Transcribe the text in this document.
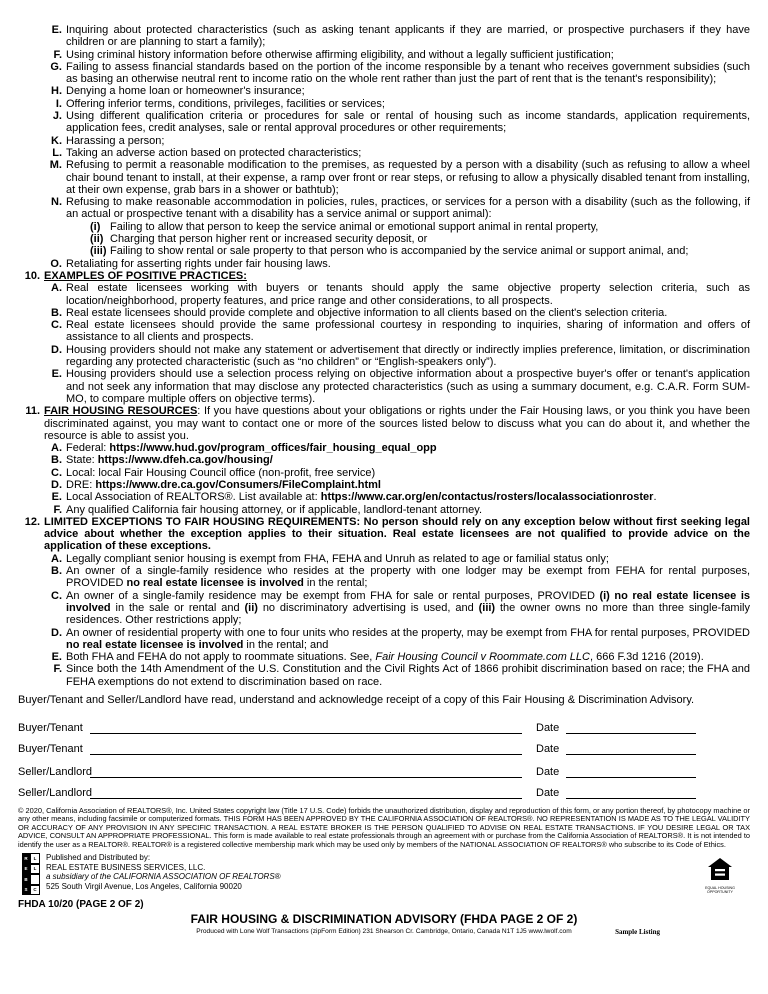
E. Inquiring about protected characteristics (such as asking tenant applicants if they are married, or prospective purchasers if they have children or are planning to start a family);
F. Using criminal history information before otherwise affirming eligibility, and without a legally sufficient justification;
G. Failing to assess financial standards based on the portion of the income responsible by a tenant who receives government subsidies (such as basing an otherwise neutral rent to income ratio on the whole rent rather than just the part of rent that is the tenant's responsibility);
H. Denying a home loan or homeowner's insurance;
I. Offering inferior terms, conditions, privileges, facilities or services;
J. Using different qualification criteria or procedures for sale or rental of housing such as income standards, application requirements, application fees, credit analyses, sale or rental approval procedures or other requirements;
K. Harassing a person;
L. Taking an adverse action based on protected characteristics;
M. Refusing to permit a reasonable modification to the premises, as requested by a person with a disability (such as refusing to allow a wheel chair bound tenant to install, at their expense, a ramp over front or rear steps, or refusing to allow a physically disabled tenant from installing, at their own expense, grab bars in a shower or bathtub);
N. Refusing to make reasonable accommodation in policies, rules, practices, or services for a person with a disability (such as the following, if an actual or prospective tenant with a disability has a service animal or support animal):
(i) Failing to allow that person to keep the service animal or emotional support animal in rental property,
(ii) Charging that person higher rent or increased security deposit, or
(iii) Failing to show rental or sale property to that person who is accompanied by the service animal or support animal, and;
O. Retaliating for asserting rights under fair housing laws.
10. EXAMPLES OF POSITIVE PRACTICES:
A. Real estate licensees working with buyers or tenants should apply the same objective property selection criteria, such as location/neighborhood, property features, and price range and other considerations, to all prospects.
B. Real estate licensees should provide complete and objective information to all clients based on the client's selection criteria.
C. Real estate licensees should provide the same professional courtesy in responding to inquiries, sharing of information and offers of assistance to all clients and prospects.
D. Housing providers should not make any statement or advertisement that directly or indirectly implies preference, limitation, or discrimination regarding any protected characteristic (such as “no children” or “English-speakers only”).
E. Housing providers should use a selection process relying on objective information about a prospective buyer's offer or tenant's application and not seek any information that may disclose any protected characteristics (such as using a summary document, e.g. C.A.R. Form SUM-MO, to compare multiple offers on objective terms).
11. FAIR HOUSING RESOURCES: If you have questions about your obligations or rights under the Fair Housing laws, or you think you have been discriminated against, you may want to contact one or more of the sources listed below to discuss what you can do about it, and whether the resource is able to assist you.
A. Federal: https://www.hud.gov/program_offices/fair_housing_equal_opp
B. State: https://www.dfeh.ca.gov/housing/
C. Local: local Fair Housing Council office (non-profit, free service)
D. DRE: https://www.dre.ca.gov/Consumers/FileComplaint.html
E. Local Association of REALTORS®. List available at: https://www.car.org/en/contactus/rosters/localassociationroster.
F. Any qualified California fair housing attorney, or if applicable, landlord-tenant attorney.
12. LIMITED EXCEPTIONS TO FAIR HOUSING REQUIREMENTS: No person should rely on any exception below without first seeking legal advice about whether the exception applies to their situation. Real estate licensees are not qualified to provide advice on the application of these exceptions.
A. Legally compliant senior housing is exempt from FHA, FEHA and Unruh as related to age or familial status only;
B. An owner of a single-family residence who resides at the property with one lodger may be exempt from FEHA for rental purposes, PROVIDED no real estate licensee is involved in the rental;
C. An owner of a single-family residence may be exempt from FHA for sale or rental purposes, PROVIDED (i) no real estate licensee is involved in the sale or rental and (ii) no discriminatory advertising is used, and (iii) the owner owns no more than three single-family residences. Other restrictions apply;
D. An owner of residential property with one to four units who resides at the property, may be exempt from FHA for rental purposes, PROVIDED no real estate licensee is involved in the rental; and
E. Both FHA and FEHA do not apply to roommate situations. See, Fair Housing Council v Roommate.com LLC, 666 F.3d 1216 (2019).
F. Since both the 14th Amendment of the U.S. Constitution and the Civil Rights Act of 1866 prohibit discrimination based on race; the FHA and FEHA exemptions do not extend to discrimination based on race.
Buyer/Tenant and Seller/Landlord have read, understand and acknowledge receipt of a copy of this Fair Housing & Discrimination Advisory.
Buyer/Tenant	Date
Buyer/Tenant	Date
Seller/Landlord	Date
Seller/Landlord	Date
© 2020, California Association of REALTORS®, Inc. United States copyright law (Title 17 U.S. Code) forbids the unauthorized distribution, display and reproduction of this form, or any portion thereof, by photocopy machine or any other means, including facsimile or computerized formats. THIS FORM HAS BEEN APPROVED BY THE CALIFORNIA ASSOCIATION OF REALTORS®. NO REPRESENTATION IS MADE AS TO THE LEGAL VALIDITY OR ACCURACY OF ANY PROVISION IN ANY SPECIFIC TRANSACTION. A REAL ESTATE BROKER IS THE PERSON QUALIFIED TO ADVISE ON REAL ESTATE TRANSACTIONS. IF YOU DESIRE LEGAL OR TAX ADVICE, CONSULT AN APPROPRIATE PROFESSIONAL. This form is made available to real estate professionals through an agreement with or purchase from the California Association of REALTORS®. It is not intended to identify the user as a REALTOR®. REALTOR® is a registered collective membership mark which may be used only by members of the NATIONAL ASSOCIATION OF REALTORS® who subscribe to its Code of Ethics.
R	L
E	L
B
S	C
Published and Distributed by:
REAL ESTATE BUSINESS SERVICES, LLC.
a subsidiary of the CALIFORNIA ASSOCIATION OF REALTORS®
525 South Virgil Avenue, Los Angeles, California 90020	EQUAL HOUSING OPPORTUNITY
FHDA 10/20 (PAGE 2 OF 2)
FAIR HOUSING & DISCRIMINATION ADVISORY (FHDA PAGE 2 OF 2)
Produced with Lone Wolf Transactions (zipForm Edition) 231 Shearson Cr. Cambridge, Ontario, Canada N1T 1J5 www.lwolf.com	Sample Listing
